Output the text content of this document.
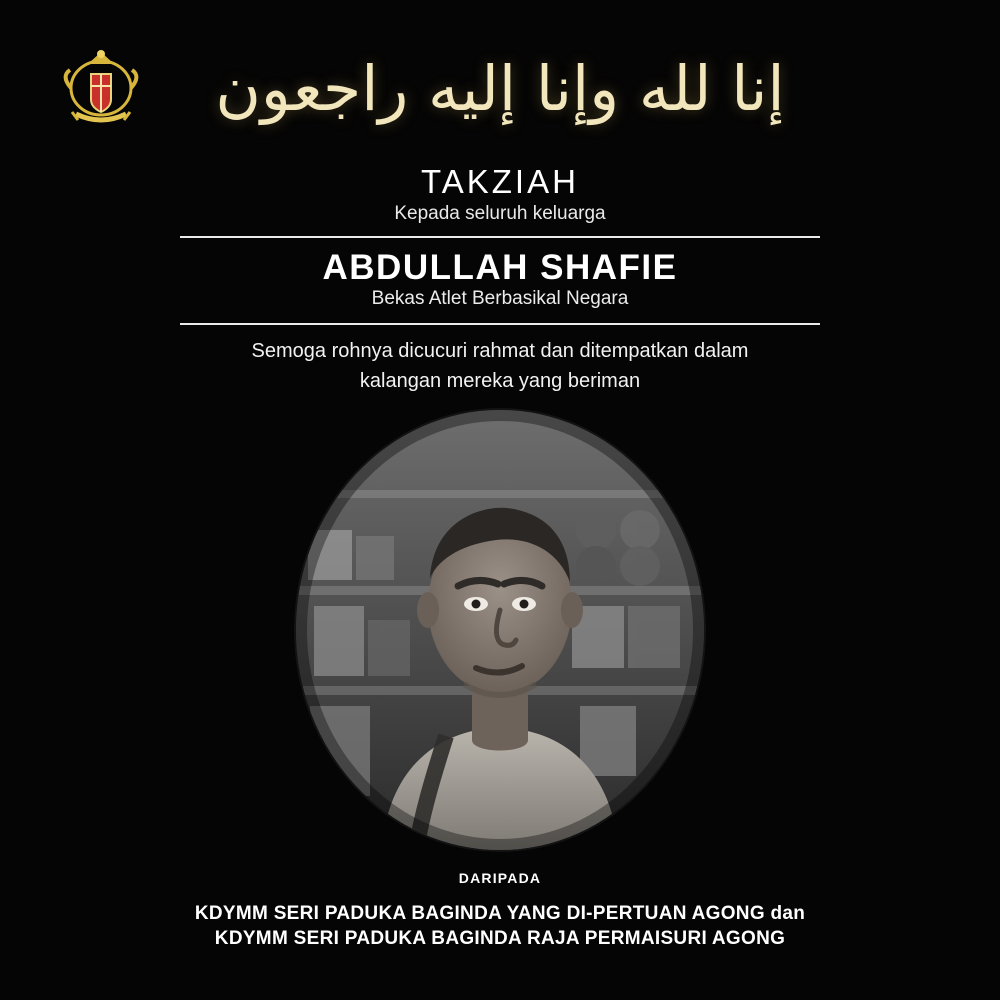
إنا لله وإنا إليه راجعون
TAKZIAH
Kepada seluruh keluarga
ABDULLAH SHAFIE
Bekas Atlet Berbasikal Negara
Semoga rohnya dicucuri rahmat dan ditempatkan dalam
kalangan mereka yang beriman
DARIPADA
KDYMM SERI PADUKA BAGINDA YANG DI-PERTUAN AGONG dan
KDYMM SERI PADUKA BAGINDA RAJA PERMAISURI AGONG
